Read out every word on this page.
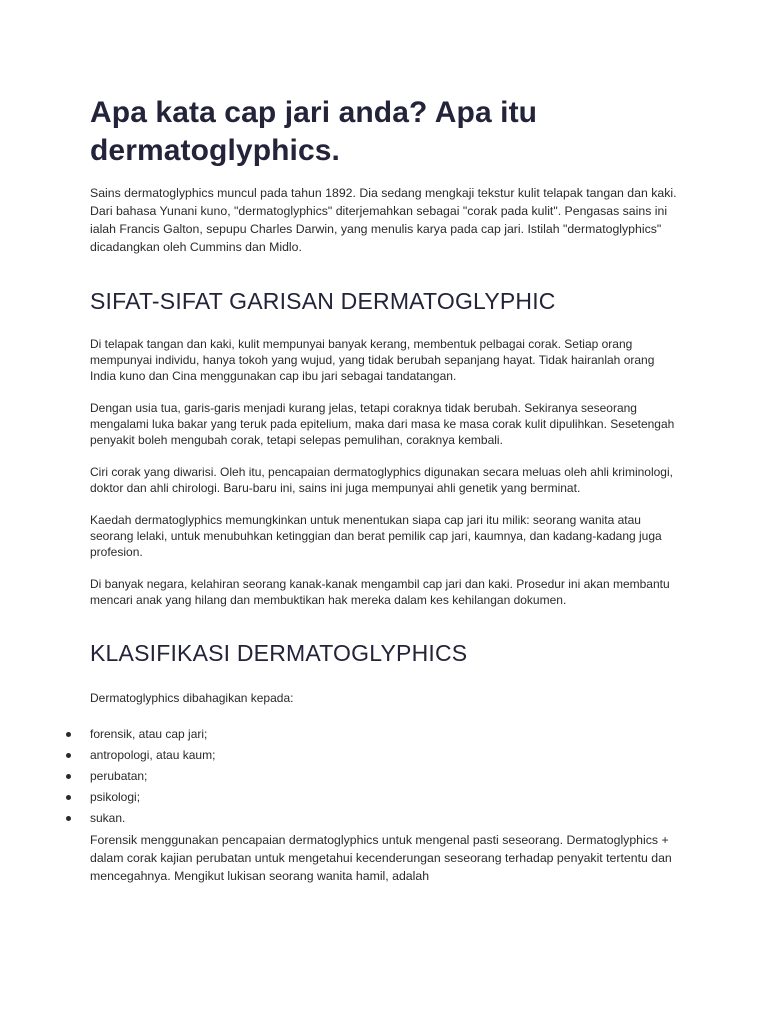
Apa kata cap jari anda? Apa itu dermatoglyphics.

Sains dermatoglyphics muncul pada tahun 1892. Dia sedang mengkaji tekstur kulit telapak tangan dan kaki. Dari bahasa Yunani kuno, "dermatoglyphics" diterjemahkan sebagai "corak pada kulit". Pengasas sains ini ialah Francis Galton, sepupu Charles Darwin, yang menulis karya pada cap jari. Istilah "dermatoglyphics" dicadangkan oleh Cummins dan Midlo.

SIFAT-SIFAT GARISAN DERMATOGLYPHIC

Di telapak tangan dan kaki, kulit mempunyai banyak kerang, membentuk pelbagai corak. Setiap orang mempunyai individu, hanya tokoh yang wujud, yang tidak berubah sepanjang hayat. Tidak hairanlah orang India kuno dan Cina menggunakan cap ibu jari sebagai tandatangan.

Dengan usia tua, garis-garis menjadi kurang jelas, tetapi coraknya tidak berubah. Sekiranya seseorang mengalami luka bakar yang teruk pada epitelium, maka dari masa ke masa corak kulit dipulihkan. Sesetengah penyakit boleh mengubah corak, tetapi selepas pemulihan, coraknya kembali.

Ciri corak yang diwarisi. Oleh itu, pencapaian dermatoglyphics digunakan secara meluas oleh ahli kriminologi, doktor dan ahli chirologi. Baru-baru ini, sains ini juga mempunyai ahli genetik yang berminat.

Kaedah dermatoglyphics memungkinkan untuk menentukan siapa cap jari itu milik: seorang wanita atau seorang lelaki, untuk menubuhkan ketinggian dan berat pemilik cap jari, kaumnya, dan kadang-kadang juga profesion.

Di banyak negara, kelahiran seorang kanak-kanak mengambil cap jari dan kaki. Prosedur ini akan membantu mencari anak yang hilang dan membuktikan hak mereka dalam kes kehilangan dokumen.

KLASIFIKASI DERMATOGLYPHICS

Dermatoglyphics dibahagikan kepada:

forensik, atau cap jari;
antropologi, atau kaum;
perubatan;
psikologi;
sukan.

Forensik menggunakan pencapaian dermatoglyphics untuk mengenal pasti seseorang. Dermatoglyphics + dalam corak kajian perubatan untuk mengetahui kecenderungan seseorang terhadap penyakit tertentu dan mencegahnya. Mengikut lukisan seorang wanita hamil, adalah
